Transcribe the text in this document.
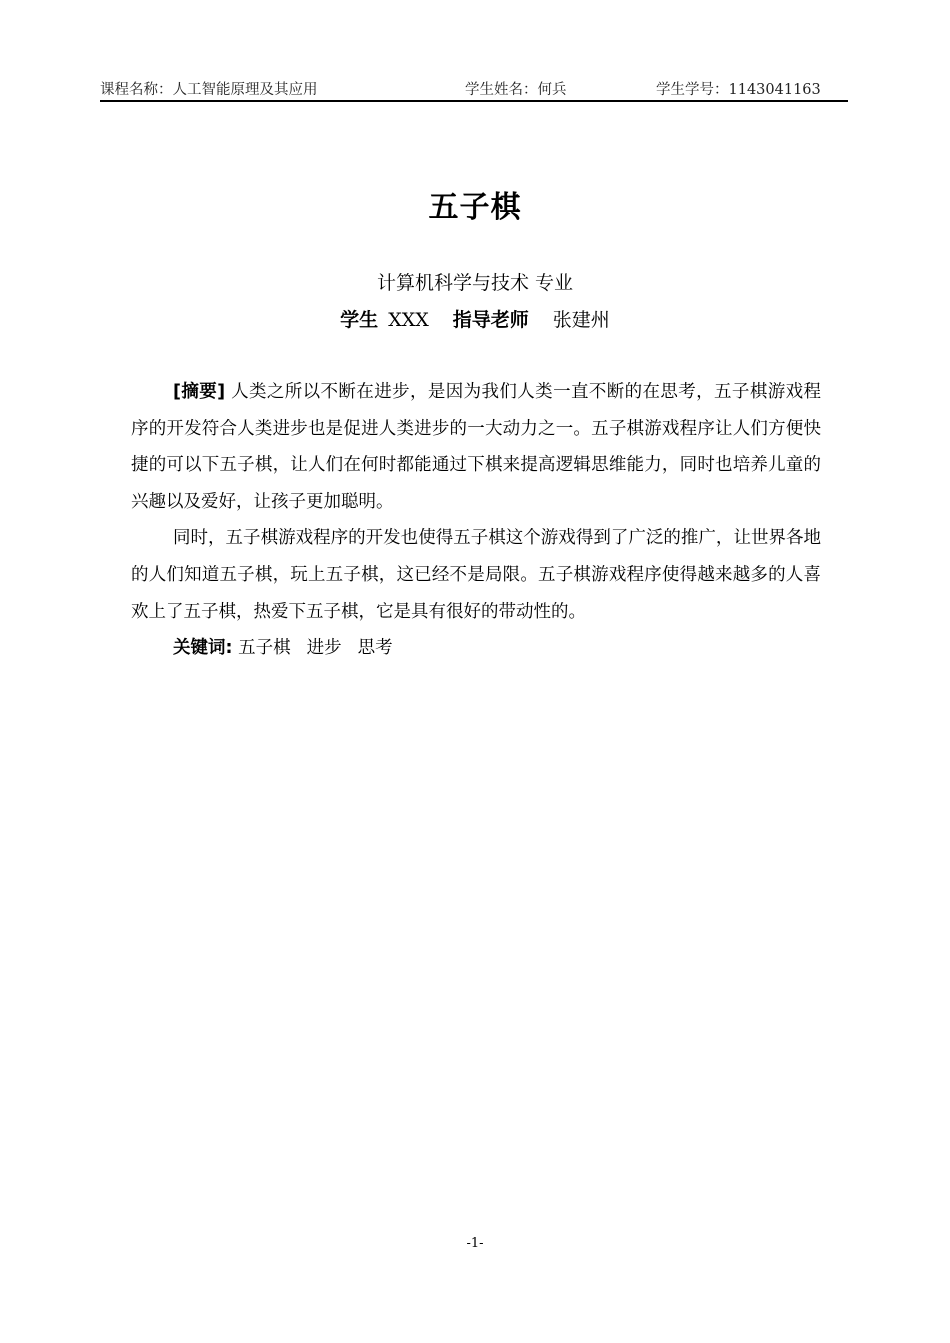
课程名称：人工智能原理及其应用	学生姓名：何兵	学生学号：1143041163
五子棋
计算机科学与技术 专业
学生 XXX 指导老师 张建州

[摘要] 人类之所以不断在进步，是因为我们人类一直不断的在思考，五子棋游戏程序的开发符合人类进步也是促进人类进步的一大动力之一。五子棋游戏程序让人们方便快捷的可以下五子棋，让人们在何时都能通过下棋来提高逻辑思维能力，同时也培养儿童的兴趣以及爱好，让孩子更加聪明。

同时，五子棋游戏程序的开发也使得五子棋这个游戏得到了广泛的推广，让世界各地的人们知道五子棋，玩上五子棋，这已经不是局限。五子棋游戏程序使得越来越多的人喜欢上了五子棋，热爱下五子棋，它是具有很好的带动性的。

关键词: 五子棋 进步 思考

-1-
